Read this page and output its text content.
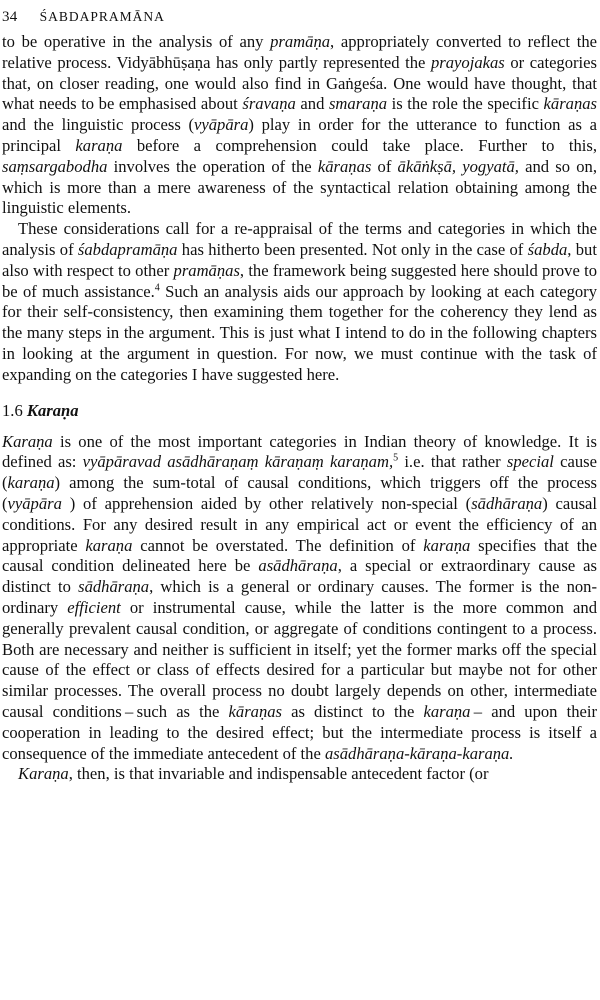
34 ŚABDAPRAMĀNA

to be operative in the analysis of any pramāṇa, appropriately converted to reflect the relative process. Vidyābhūṣaṇa has only partly represented the prayojakas or categories that, on closer reading, one would also find in Gaṅgeśa. One would have thought, that what needs to be emphasised about śravaṇa and smaraṇa is the role the specific kāraṇas and the linguistic process (vyāpāra) play in order for the utterance to function as a principal karaṇa before a comprehension could take place. Further to this, saṃsargabodha involves the operation of the kāraṇas of ākāṅkṣā, yogyatā, and so on, which is more than a mere awareness of the syntactical relation obtaining among the linguistic elements.

These considerations call for a re-appraisal of the terms and categories in which the analysis of śabdapramāṇa has hitherto been presented. Not only in the case of śabda, but also with respect to other pramāṇas, the framework being suggested here should prove to be of much assistance.$^4$ Such an analysis aids our approach by looking at each category for their self-consistency, then examining them together for the coherency they lend as the many steps in the argument. This is just what I intend to do in the following chapters in looking at the argument in question. For now, we must continue with the task of expanding on the categories I have suggested here.

1.6 Karaṇa

Karaṇa is one of the most important categories in Indian theory of knowledge. It is defined as: vyāpāravad asādhāraṇaṃ kāraṇaṃ karaṇam,$^5$ i.e. that rather special cause (karaṇa) among the sum-total of causal conditions, which triggers off the process (vyāpāra ) of apprehension aided by other relatively non-special (sādhāraṇa) causal conditions. For any desired result in any empirical act or event the efficiency of an appropriate karaṇa cannot be overstated. The definition of karaṇa specifies that the causal condition delineated here be asādhāraṇa, a special or extraordinary cause as distinct to sādhāraṇa, which is a general or ordinary causes. The former is the non-ordinary efficient or instrumental cause, while the latter is the more common and generally prevalent causal condition, or aggregate of conditions contingent to a process. Both are necessary and neither is sufficient in itself; yet the former marks off the special cause of the effect or class of effects desired for a particular but maybe not for other similar processes. The overall process no doubt largely depends on other, intermediate causal conditions – such as the kāraṇas as distinct to the karaṇa – and upon their cooperation in leading to the desired effect; but the intermediate process is itself a consequence of the immediate antecedent of the asādhāraṇa-kāraṇa-karaṇa.

Karaṇa, then, is that invariable and indispensable antecedent factor (or
